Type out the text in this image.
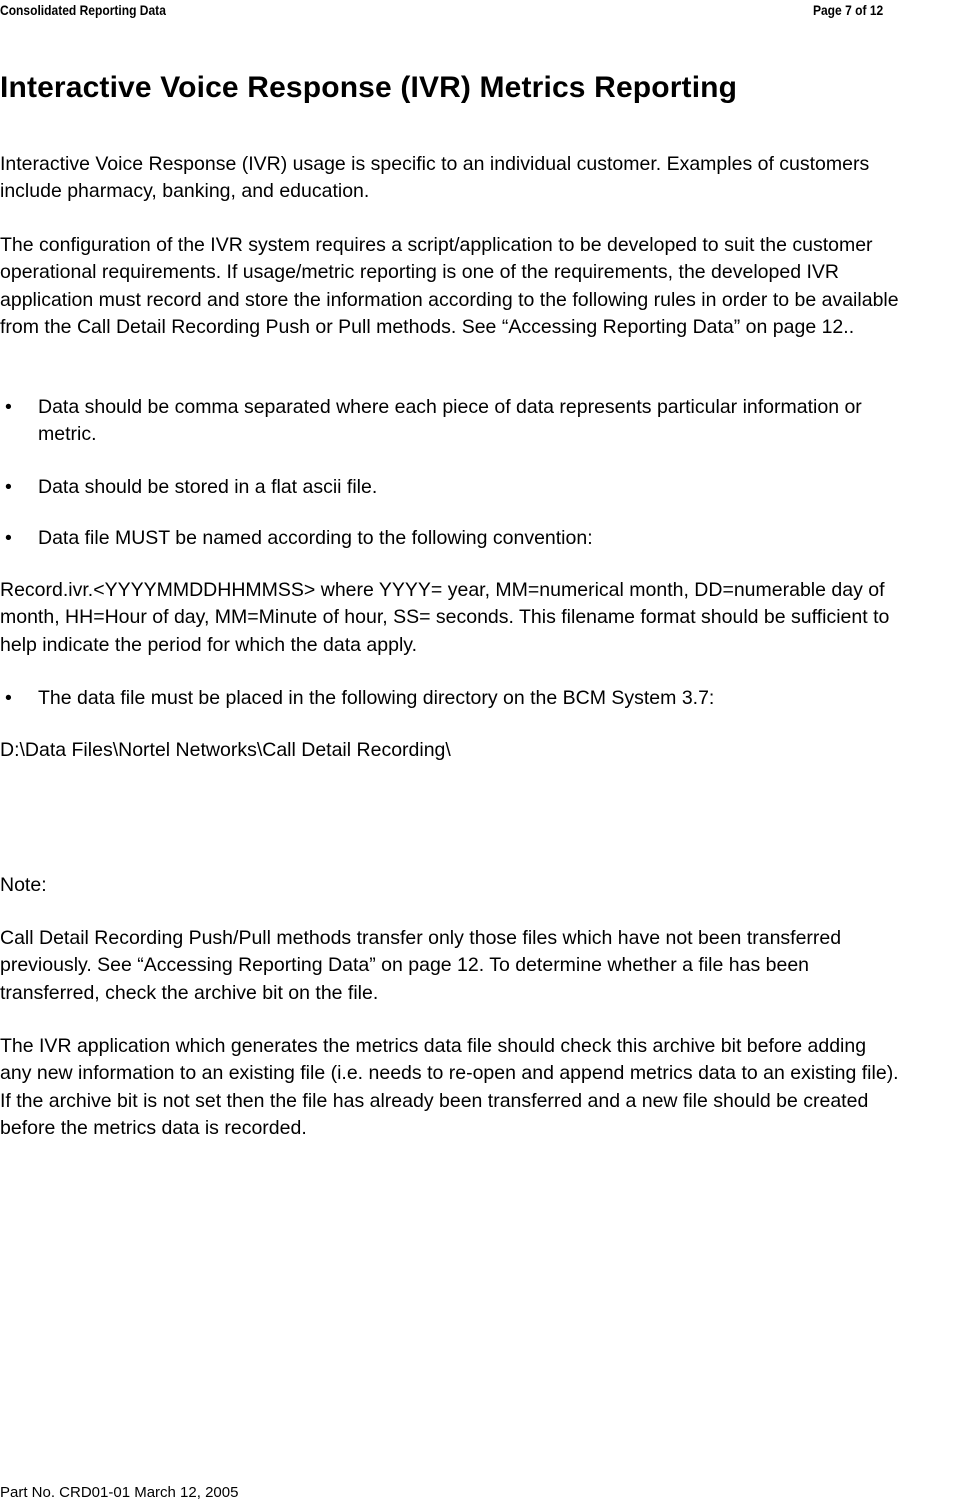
Consolidated Reporting Data	Page 7 of 12
Interactive Voice Response (IVR) Metrics Reporting

Interactive Voice Response (IVR) usage is specific to an individual customer. Examples of customers include pharmacy, banking, and education.

The configuration of the IVR system requires a script/application to be developed to suit the customer operational requirements. If usage/metric reporting is one of the requirements, the developed IVR application must record and store the information according to the following rules in order to be available from the Call Detail Recording Push or Pull methods. See “Accessing Reporting Data” on page 12..

• Data should be comma separated where each piece of data represents particular information or metric.
• Data should be stored in a flat ascii file.
• Data file MUST be named according to the following convention:

Record.ivr.<YYYYMMDDHHMMSS> where YYYY= year, MM=numerical month, DD=numerable day of month, HH=Hour of day, MM=Minute of hour, SS= seconds. This filename format should be sufficient to help indicate the period for which the data apply.

• The data file must be placed in the following directory on the BCM System 3.7:

D:\Data Files\Nortel Networks\Call Detail Recording\

Note:

Call Detail Recording Push/Pull methods transfer only those files which have not been transferred previously. See “Accessing Reporting Data” on page 12. To determine whether a file has been transferred, check the archive bit on the file.

The IVR application which generates the metrics data file should check this archive bit before adding any new information to an existing file (i.e. needs to re-open and append metrics data to an existing file). If the archive bit is not set then the file has already been transferred and a new file should be created before the metrics data is recorded.

Part No. CRD01-01 March 12, 2005
